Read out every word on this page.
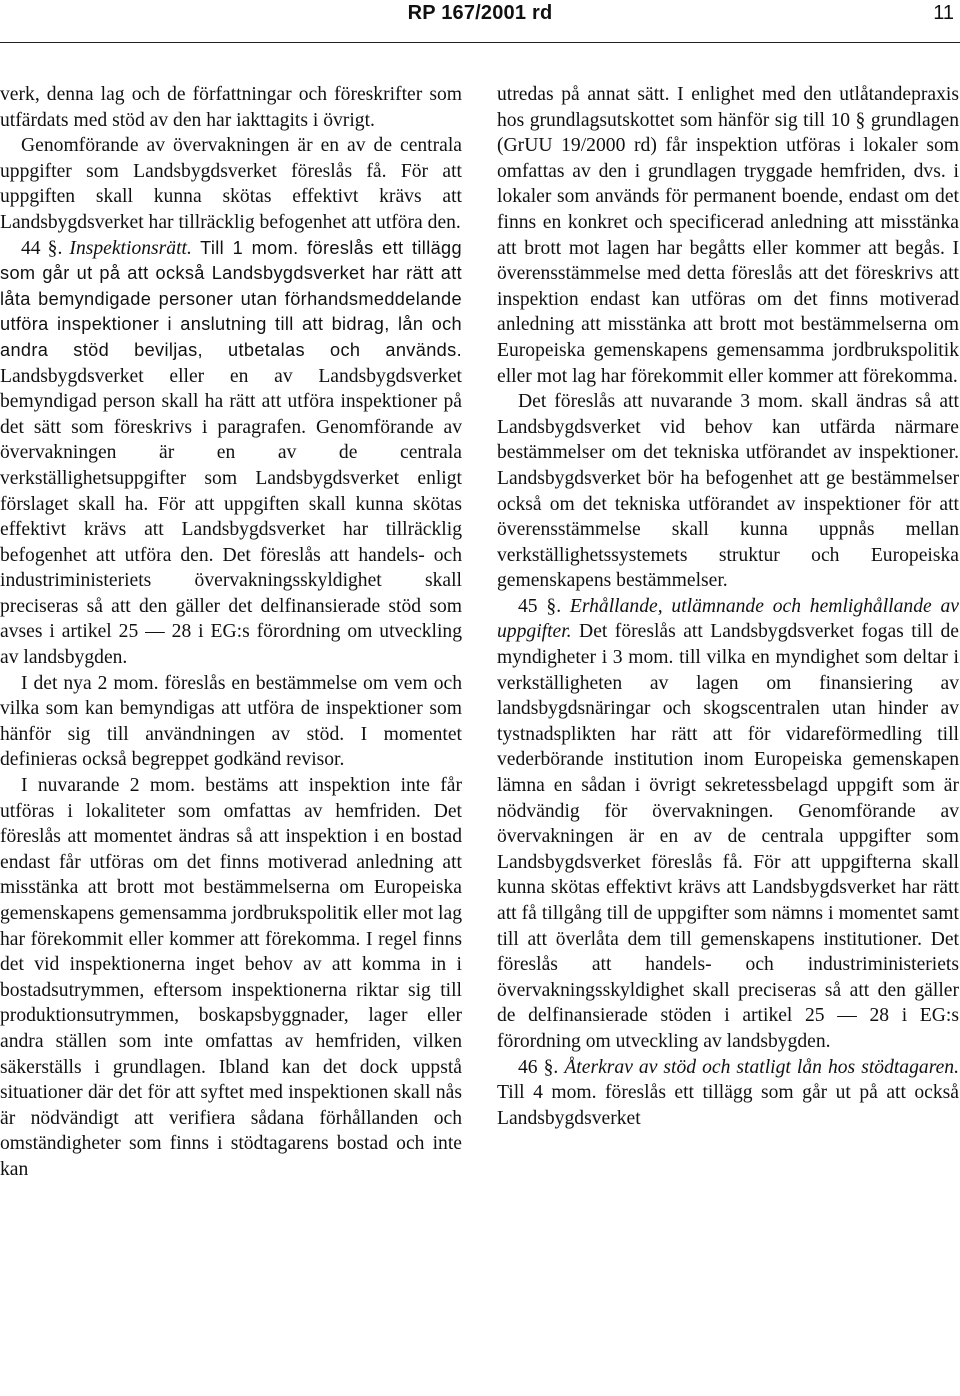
RP 167/2001 rd	11

verk, denna lag och de författningar och föreskrifter som utfärdats med stöd av den har iakttagits i övrigt.

Genomförande av övervakningen är en av de centrala uppgifter som Landsbygdsverket föreslås få. För att uppgiften skall kunna skötas effektivt krävs att Landsbygdsverket har tillräcklig befogenhet att utföra den.

44 §. Inspektionsrätt. Till 1 mom. föreslås ett tillägg som går ut på att också Landsbygdsverket har rätt att låta bemyndigade personer utan förhandsmeddelande utföra inspektioner i anslutning till att bidrag, lån och andra stöd beviljas, utbetalas och används. Landsbygdsverket eller en av Landsbygdsverket bemyndigad person skall ha rätt att utföra inspektioner på det sätt som föreskrivs i paragrafen. Genomförande av övervakningen är en av de centrala verkställighetsuppgifter som Landsbygdsverket enligt förslaget skall ha. För att uppgiften skall kunna skötas effektivt krävs att Landsbygdsverket har tillräcklig befogenhet att utföra den. Det föreslås att handels- och industriministeriets övervakningsskyldighet skall preciseras så att den gäller det delfinansierade stöd som avses i artikel 25 — 28 i EG:s förordning om utveckling av landsbygden.

I det nya 2 mom. föreslås en bestämmelse om vem och vilka som kan bemyndigas att utföra de inspektioner som hänför sig till användningen av stöd. I momentet definieras också begreppet godkänd revisor.

I nuvarande 2 mom. bestäms att inspektion inte får utföras i lokaliteter som omfattas av hemfriden. Det föreslås att momentet ändras så att inspektion i en bostad endast får utföras om det finns motiverad anledning att misstänka att brott mot bestämmelserna om Europeiska gemenskapens gemensamma jordbrukspolitik eller mot lag har förekommit eller kommer att förekomma. I regel finns det vid inspektionerna inget behov av att komma in i bostadsutrymmen, eftersom inspektionerna riktar sig till produktionsutrymmen, boskapsbyggnader, lager eller andra ställen som inte omfattas av hemfriden, vilken säkerställs i grundlagen. Ibland kan det dock uppstå situationer där det för att syftet med inspektionen skall nås är nödvändigt att verifiera sådana förhållanden och omständigheter som finns i stödtagarens bostad och inte kan

utredas på annat sätt. I enlighet med den utlåtandepraxis hos grundlagsutskottet som hänför sig till 10 § grundlagen (GrUU 19/2000 rd) får inspektion utföras i lokaler som omfattas av den i grundlagen tryggade hemfriden, dvs. i lokaler som används för permanent boende, endast om det finns en konkret och specificerad anledning att misstänka att brott mot lagen har begåtts eller kommer att begås. I överensstämmelse med detta föreslås att det föreskrivs att inspektion endast kan utföras om det finns motiverad anledning att misstänka att brott mot bestämmelserna om Europeiska gemenskapens gemensamma jordbrukspolitik eller mot lag har förekommit eller kommer att förekomma.

Det föreslås att nuvarande 3 mom. skall ändras så att Landsbygdsverket vid behov kan utfärda närmare bestämmelser om det tekniska utförandet av inspektioner. Landsbygdsverket bör ha befogenhet att ge bestämmelser också om det tekniska utförandet av inspektioner för att överensstämmelse skall kunna uppnås mellan verkställighetssystemets struktur och Europeiska gemenskapens bestämmelser.

45 §. Erhållande, utlämnande och hemlighållande av uppgifter. Det föreslås att Landsbygdsverket fogas till de myndigheter i 3 mom. till vilka en myndighet som deltar i verkställigheten av lagen om finansiering av landsbygdsnäringar och skogscentralen utan hinder av tystnadsplikten har rätt att för vidareförmedling till vederbörande institution inom Europeiska gemenskapen lämna en sådan i övrigt sekretessbelagd uppgift som är nödvändig för övervakningen. Genomförande av övervakningen är en av de centrala uppgifter som Landsbygdsverket föreslås få. För att uppgifterna skall kunna skötas effektivt krävs att Landsbygdsverket har rätt att få tillgång till de uppgifter som nämns i momentet samt till att överlåta dem till gemenskapens institutioner. Det föreslås att handels- och industriministeriets övervakningsskyldighet skall preciseras så att den gäller de delfinansierade stöden i artikel 25 — 28 i EG:s förordning om utveckling av landsbygden.

46 §. Återkrav av stöd och statligt lån hos stödtagaren. Till 4 mom. föreslås ett tillägg som går ut på att också Landsbygdsverket
